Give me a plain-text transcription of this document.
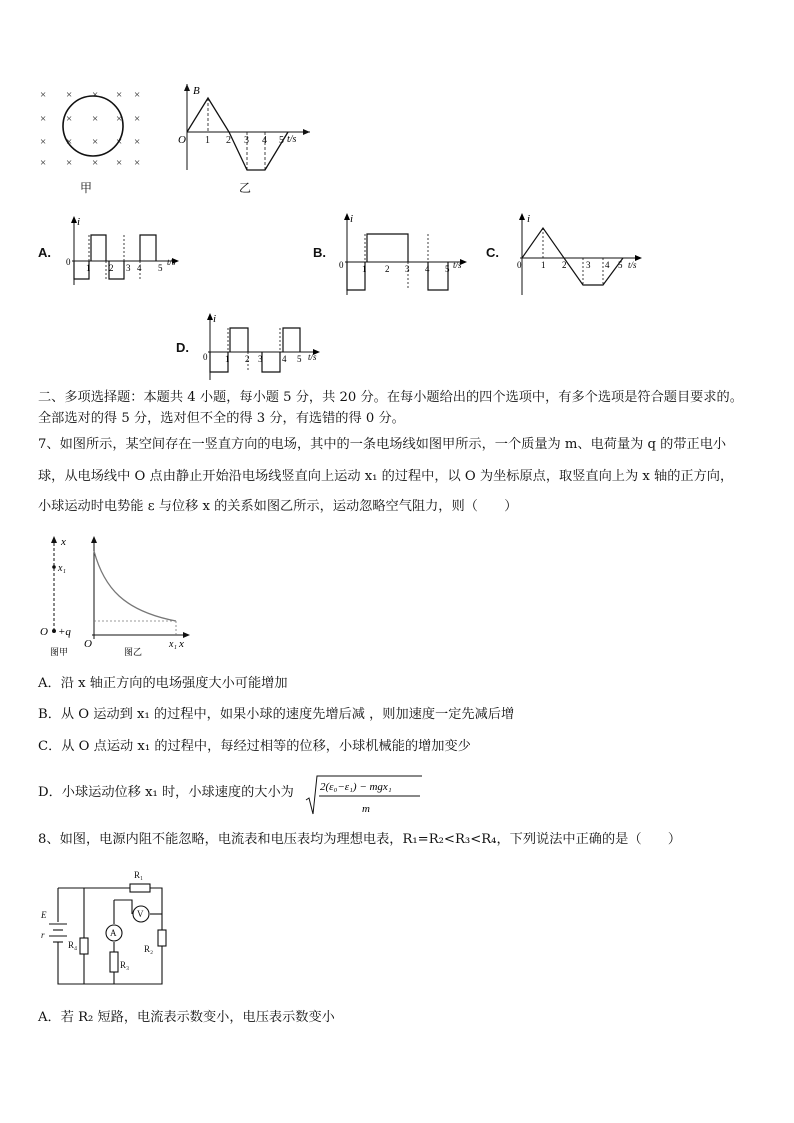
× × × × ×
× × × × ×
× × × × ×
× × × × ×
甲
B
t/s
O 1 2 3 4 5
乙
A.
i
t/s
0
1 2 3 4 5
B.
i
t/s
0 1 2 3 4 5
C.
i
t/s
0 1 2 3 4 5
D.
i
t/s
0 1 2 3 4 5
二、多项选择题：本题共 4 小题，每小题 5 分，共 20 分。在每小题给出的四个选项中，有多个选项是符合题目要求的。
全部选对的得 5 分，选对但不全的得 3 分，有选错的得 0 分。
7、如图所示，某空间存在一竖直方向的电场，其中的一条电场线如图甲所示，一个质量为 m、电荷量为 q 的带正电小
球，从电场线中 O 点由静止开始沿电场线竖直向上运动 x₁ 的过程中，以 O 为坐标原点，取竖直向上为 x 轴的正方向，
小球运动时电势能 ε 与位移 x 的关系如图乙所示，运动忽略空气阻力，则（　　）
x
x₁
O +q
图甲
O	x
x₁
图乙
A．沿 x 轴正方向的电场强度大小可能增加
B．从 O 运动到 x₁ 的过程中，如果小球的速度先增后减 ，则加速度一定先减后增
C．从 O 点运动 x₁ 的过程中，每经过相等的位移，小球机械能的增加变少
D．小球运动位移 x₁ 时，小球速度的大小为 2(ε₀−ε₁) − mgx₁
m
8、如图，电源内阻不能忽略，电流表和电压表均为理想电表，R₁=R₂<R₃<R₄，下列说法中正确的是（　　）
A
V
E
r
R₁
R₂
R₃
R₄
A．若 R₂ 短路，电流表示数变小，电压表示数变小
